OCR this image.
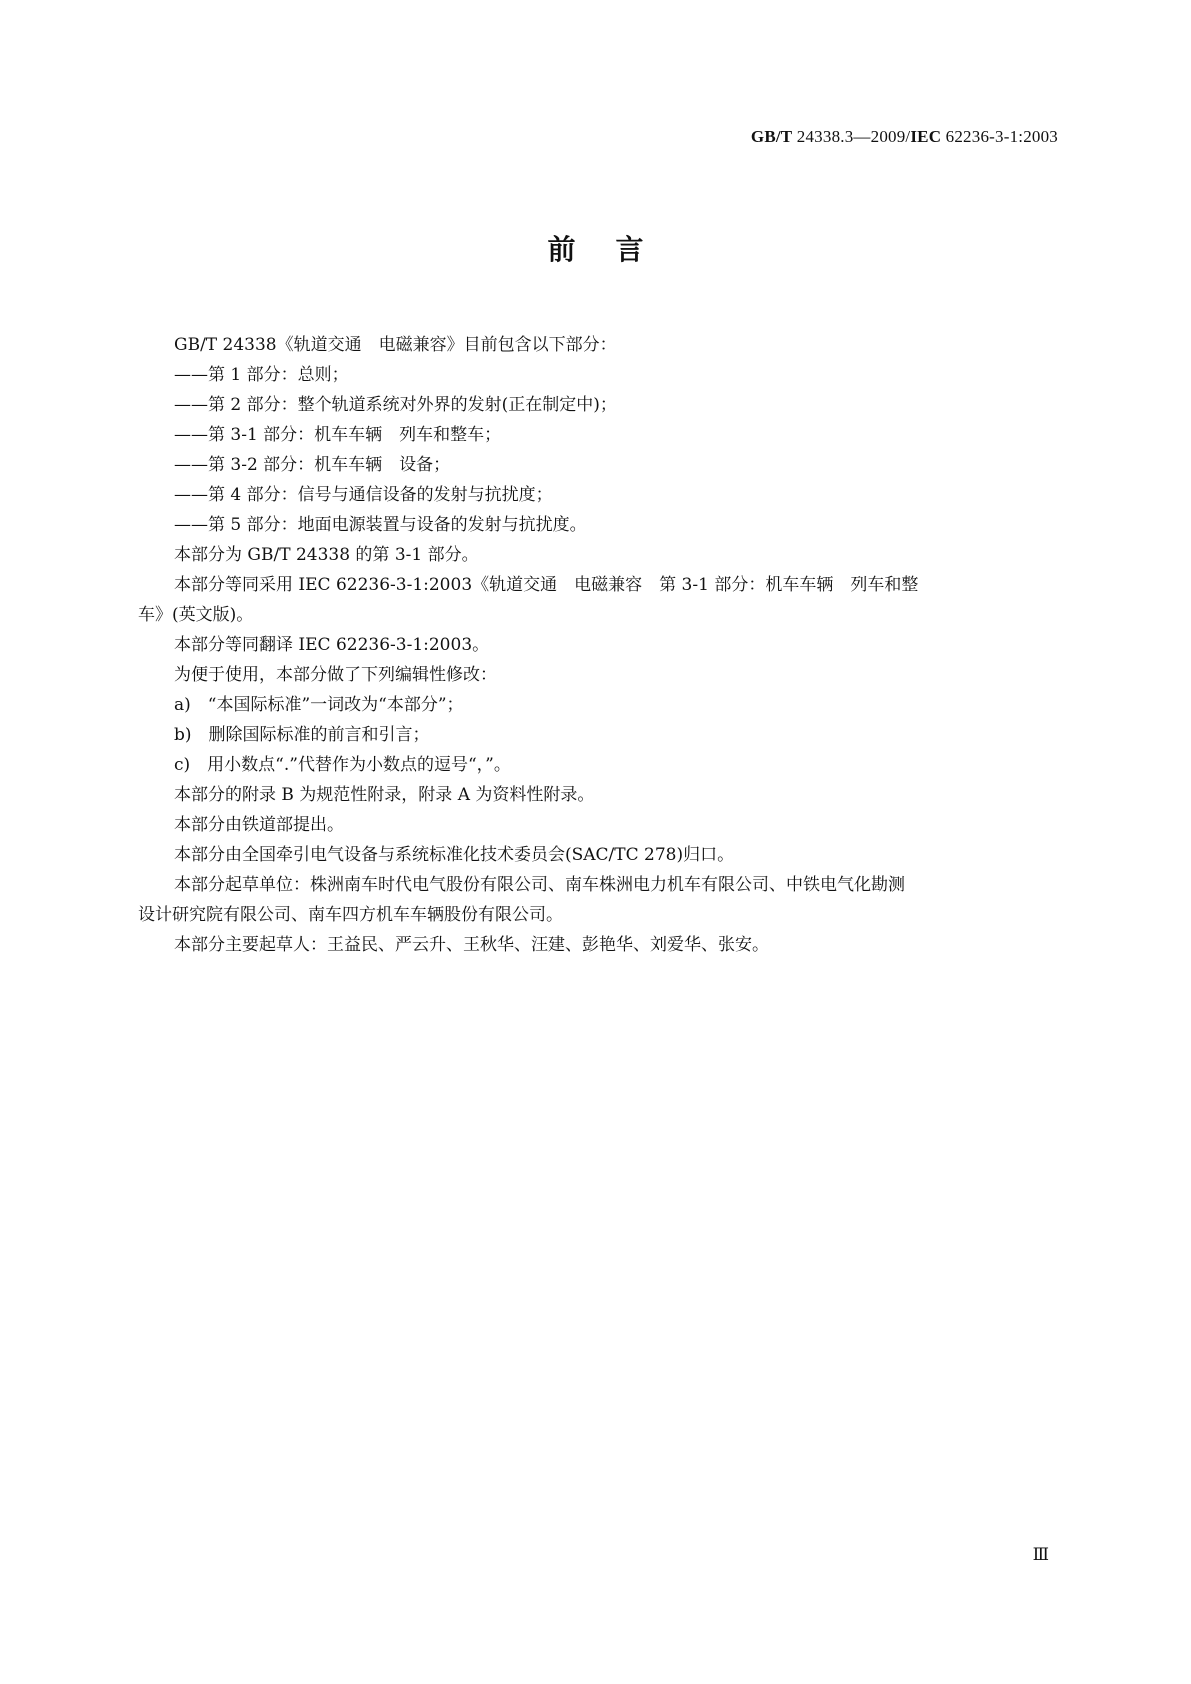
GB/T 24338.3—2009/IEC 62236-3-1:2003
前言

GB/T 24338《轨道交通　电磁兼容》目前包含以下部分：

——第 1 部分：总则；

——第 2 部分：整个轨道系统对外界的发射(正在制定中)；

——第 3-1 部分：机车车辆　列车和整车；

——第 3-2 部分：机车车辆　设备；

——第 4 部分：信号与通信设备的发射与抗扰度；

——第 5 部分：地面电源装置与设备的发射与抗扰度。

本部分为 GB/T 24338 的第 3-1 部分。

本部分等同采用 IEC 62236-3-1:2003《轨道交通　电磁兼容　第 3-1 部分：机车车辆　列车和整

车》(英文版)。

本部分等同翻译 IEC 62236-3-1:2003。

为便于使用，本部分做了下列编辑性修改：

a)　“本国际标准”一词改为“本部分”；

b)　删除国际标准的前言和引言；

c)　用小数点“.”代替作为小数点的逗号“，”。

本部分的附录 B 为规范性附录，附录 A 为资料性附录。

本部分由铁道部提出。

本部分由全国牵引电气设备与系统标准化技术委员会(SAC/TC 278)归口。

本部分起草单位：株洲南车时代电气股份有限公司、南车株洲电力机车有限公司、中铁电气化勘测

设计研究院有限公司、南车四方机车车辆股份有限公司。

本部分主要起草人：王益民、严云升、王秋华、汪建、彭艳华、刘爱华、张安。

Ⅲ
